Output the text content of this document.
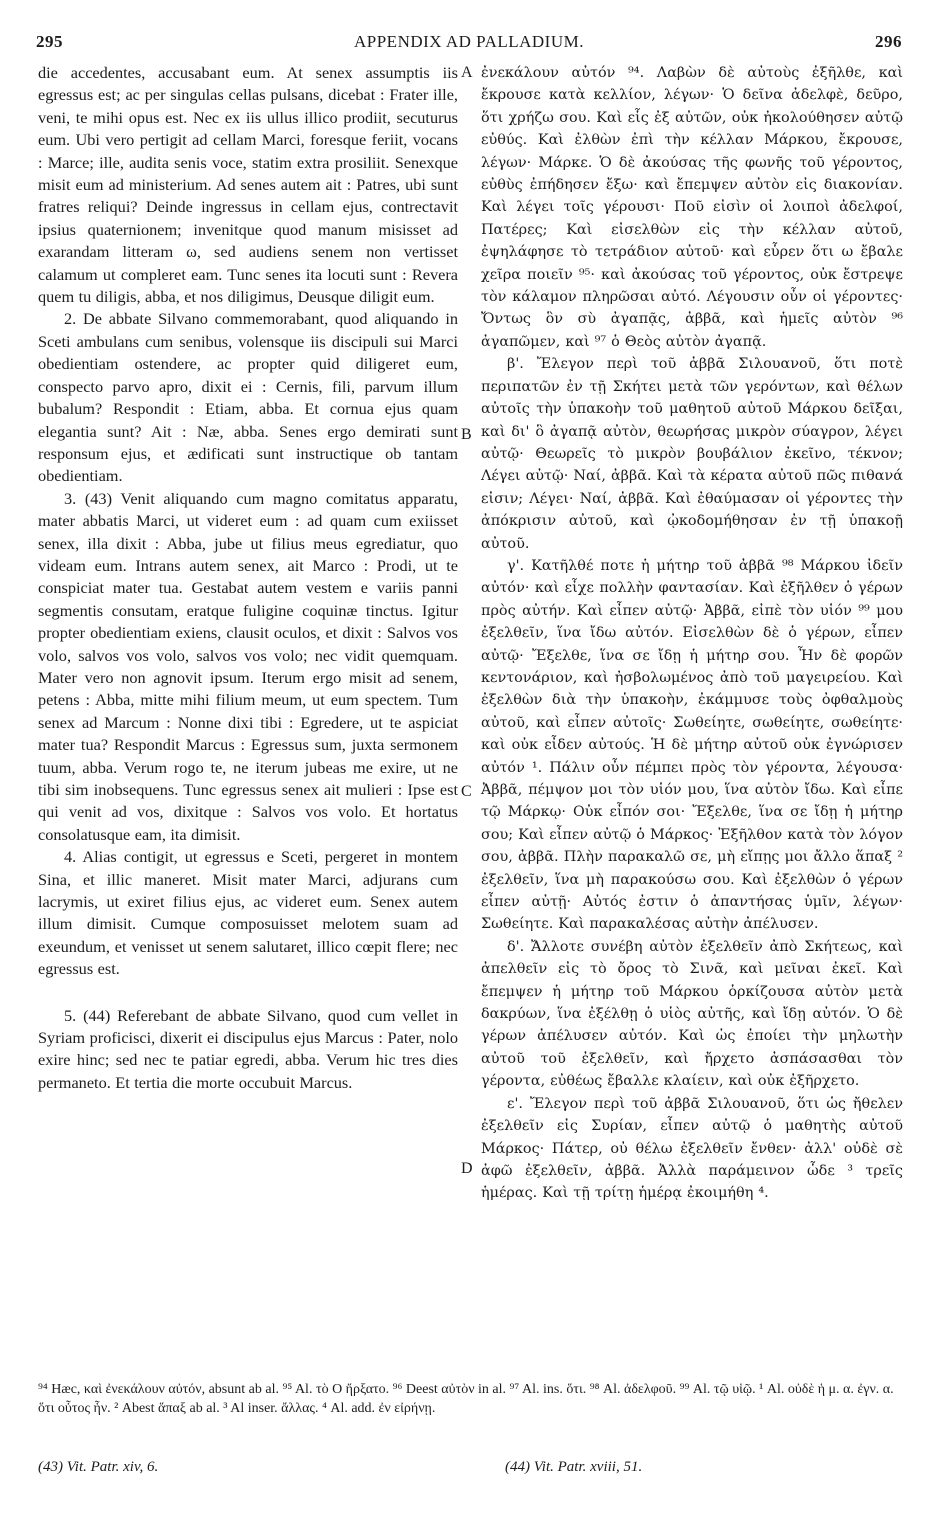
295	APPENDIX AD PALLADIUM.	296

die accedentes, accusabant eum. At senex assumptis iis egressus est; ac per singulas cellas pulsans, dicebat : Frater ille, veni, te mihi opus est. Nec ex iis ullus illico prodiit, secuturus eum. Ubi vero pertigit ad cellam Marci, foresque feriit, vocans : Marce; ille, audita senis voce, statim extra prosiliit. Senexque misit eum ad ministerium. Ad senes autem ait : Patres, ubi sunt fratres reliqui? Deinde ingressus in cellam ejus, contrectavit ipsius quaternionem; invenitque quod manum misisset ad exarandam litteram ω, sed audiens senem non vertisset calamum ut compleret eam. Tunc senes ita locuti sunt : Revera quem tu diligis, abba, et nos diligimus, Deusque diligit eum.

2. De abbate Silvano commemorabant, quod aliquando in Sceti ambulans cum senibus, volensque iis discipuli sui Marci obedientiam ostendere, ac propter quid diligeret eum, conspecto parvo apro, dixit ei : Cernis, fili, parvum illum bubalum? Respondit : Etiam, abba. Et cornua ejus quam elegantia sunt? Ait : Næ, abba. Senes ergo demirati sunt responsum ejus, et ædificati sunt instructique ob tantam obedientiam.

3. (43) Venit aliquando cum magno comitatus apparatu, mater abbatis Marci, ut videret eum : ad quam cum exiisset senex, illa dixit : Abba, jube ut filius meus egrediatur, quo videam eum. Intrans autem senex, ait Marco : Prodi, ut te conspiciat mater tua. Gestabat autem vestem e variis panni segmentis consutam, eratque fuligine coquinæ tinctus. Igitur propter obedientiam exiens, clausit oculos, et dixit : Salvos vos volo, salvos vos volo, salvos vos volo; nec vidit quemquam. Mater vero non agnovit ipsum. Iterum ergo misit ad senem, petens : Abba, mitte mihi filium meum, ut eum spectem. Tum senex ad Marcum : Nonne dixi tibi : Egredere, ut te aspiciat mater tua? Respondit Marcus : Egressus sum, juxta sermonem tuum, abba. Verum rogo te, ne iterum jubeas me exire, ut ne tibi sim inobsequens. Tunc egressus senex ait mulieri : Ipse est qui venit ad vos, dixitque : Salvos vos volo. Et hortatus consolatusque eam, ita dimisit.

4. Alias contigit, ut egressus e Sceti, pergeret in montem Sina, et illic maneret. Misit mater Marci, adjurans cum lacrymis, ut exiret filius ejus, ac videret eum. Senex autem illum dimisit. Cumque composuisset melotem suam ad exeundum, et venisset ut senem salutaret, illico cœpit flere; nec egressus est.

5. (44) Referebant de abbate Silvano, quod cum vellet in Syriam proficisci, dixerit ei discipulus ejus Marcus : Pater, nolo exire hinc; sed nec te patiar egredi, abba. Verum hic tres dies permaneto. Et tertia die morte occubuit Marcus.

A
B
C
D

ἐνεκάλουν αὐτόν ⁹⁴. Λαβὼν δὲ αὐτοὺς ἐξῆλθε, καὶ ἔκρουσε κατὰ κελλίον, λέγων· Ὁ δεῖνα ἀδελφὲ, δεῦρο, ὅτι χρήζω σου. Καὶ εἷς ἐξ αὐτῶν, οὐκ ἠκολούθησεν αὐτῷ εὐθύς. Καὶ ἐλθὼν ἐπὶ τὴν κέλλαν Μάρκου, ἔκρουσε, λέγων· Μάρκε. Ὁ δὲ ἀκούσας τῆς φωνῆς τοῦ γέροντος, εὐθὺς ἐπήδησεν ἔξω· καὶ ἔπεμψεν αὐτὸν εἰς διακονίαν. Καὶ λέγει τοῖς γέρουσι· Ποῦ εἰσὶν οἱ λοιποὶ ἀδελφοί, Πατέρες; Καὶ εἰσελθὼν εἰς τὴν κέλλαν αὐτοῦ, ἐψηλάφησε τὸ τετράδιον αὐτοῦ· καὶ εὗρεν ὅτι ω ἔβαλε χεῖρα ποιεῖν ⁹⁵· καὶ ἀκούσας τοῦ γέροντος, οὐκ ἔστρεψε τὸν κάλαμον πληρῶσαι αὐτό. Λέγουσιν οὖν οἱ γέροντες· Ὄντως ὃν σὺ ἀγαπᾷς, ἀββᾶ, καὶ ἡμεῖς αὐτὸν ⁹⁶ ἀγαπῶμεν, καὶ ⁹⁷ ὁ Θεὸς αὐτὸν ἀγαπᾷ.

β'. Ἔλεγον περὶ τοῦ ἀββᾶ Σιλουανοῦ, ὅτι ποτὲ περιπατῶν ἐν τῇ Σκήτει μετὰ τῶν γερόντων, καὶ θέλων αὐτοῖς τὴν ὑπακοὴν τοῦ μαθητοῦ αὐτοῦ Μάρκου δεῖξαι, καὶ δι' ὃ ἀγαπᾷ αὐτὸν, θεωρήσας μικρὸν σύαγρον, λέγει αὐτῷ· Θεωρεῖς τὸ μικρὸν βουβάλιον ἐκεῖνο, τέκνον; Λέγει αὐτῷ· Ναί, ἀββᾶ. Καὶ τὰ κέρατα αὐτοῦ πῶς πιθανά εἰσιν; Λέγει· Ναί, ἀββᾶ. Καὶ ἐθαύμασαν οἱ γέροντες τὴν ἀπόκρισιν αὐτοῦ, καὶ ᾠκοδομήθησαν ἐν τῇ ὑπακοῇ αὐτοῦ.

γ'. Κατῆλθέ ποτε ἡ μήτηρ τοῦ ἀββᾶ ⁹⁸ Μάρκου ἰδεῖν αὐτόν· καὶ εἶχε πολλὴν φαντασίαν. Καὶ ἐξῆλθεν ὁ γέρων πρὸς αὐτήν. Καὶ εἶπεν αὐτῷ· Ἀββᾶ, εἰπὲ τὸν υἱόν ⁹⁹ μου ἐξελθεῖν, ἵνα ἴδω αὐτόν. Εἰσελθὼν δὲ ὁ γέρων, εἶπεν αὐτῷ· Ἔξελθε, ἵνα σε ἴδῃ ἡ μήτηρ σου. Ἦν δὲ φορῶν κεντονάριον, καὶ ἠσβολωμένος ἀπὸ τοῦ μαγειρείου. Καὶ ἐξελθὼν διὰ τὴν ὑπακοὴν, ἐκάμμυσε τοὺς ὀφθαλμοὺς αὐτοῦ, καὶ εἶπεν αὐτοῖς· Σωθείητε, σωθείητε, σωθείητε· καὶ οὐκ εἶδεν αὐτούς. Ἡ δὲ μήτηρ αὐτοῦ οὐκ ἐγνώρισεν αὐτόν ¹. Πάλιν οὖν πέμπει πρὸς τὸν γέροντα, λέγουσα· Ἀββᾶ, πέμψον μοι τὸν υἱόν μου, ἵνα αὐτὸν ἴδω. Καὶ εἶπε τῷ Μάρκῳ· Οὐκ εἶπόν σοι· Ἔξελθε, ἵνα σε ἴδῃ ἡ μήτηρ σου; Καὶ εἶπεν αὐτῷ ὁ Μάρκος· Ἐξῆλθον κατὰ τὸν λόγον σου, ἀββᾶ. Πλὴν παρακαλῶ σε, μὴ εἴπῃς μοι ἄλλο ἅπαξ ² ἐξελθεῖν, ἵνα μὴ παρακούσω σου. Καὶ ἐξελθὼν ὁ γέρων εἶπεν αὐτῇ· Αὐτός ἐστιν ὁ ἀπαντήσας ὑμῖν, λέγων· Σωθείητε. Καὶ παρακαλέσας αὐτὴν ἀπέλυσεν.

δ'. Ἄλλοτε συνέβη αὐτὸν ἐξελθεῖν ἀπὸ Σκήτεως, καὶ ἀπελθεῖν εἰς τὸ ὄρος τὸ Σινᾶ, καὶ μεῖναι ἐκεῖ. Καὶ ἔπεμψεν ἡ μήτηρ τοῦ Μάρκου ὁρκίζουσα αὐτὸν μετὰ δακρύων, ἵνα ἐξέλθῃ ὁ υἱὸς αὐτῆς, καὶ ἴδῃ αὐτόν. Ὁ δὲ γέρων ἀπέλυσεν αὐτόν. Καὶ ὡς ἐποίει τὴν μηλωτὴν αὐτοῦ τοῦ ἐξελθεῖν, καὶ ἤρχετο ἀσπάσασθαι τὸν γέροντα, εὐθέως ἔβαλλε κλαίειν, καὶ οὐκ ἐξῆρχετο.

ε'. Ἔλεγον περὶ τοῦ ἀββᾶ Σιλουανοῦ, ὅτι ὡς ἤθελεν ἐξελθεῖν εἰς Συρίαν, εἶπεν αὐτῷ ὁ μαθητὴς αὐτοῦ Μάρκος· Πάτερ, οὐ θέλω ἐξελθεῖν ἔνθεν· ἀλλ' οὐδὲ σὲ ἀφῶ ἐξελθεῖν, ἀββᾶ. Ἀλλὰ παράμεινον ὧδε ³ τρεῖς ἡμέρας. Καὶ τῇ τρίτῃ ἡμέρᾳ ἐκοιμήθη ⁴.

⁹⁴ Hæc, καὶ ἐνεκάλουν αὐτόν, absunt ab al. ⁹⁵ Al. τὸ Ο ἤρξατο. ⁹⁶ Deest αὐτὸν in al. ⁹⁷ Al. ins. ὅτι. ⁹⁸ Al. ἀδελφοῦ. ⁹⁹ Al. τῷ υἱῷ. ¹ Al. οὐδὲ ἡ μ. α. ἐγν. α. ὅτι οὗτος ἦν. ² Abest ἅπαξ ab al. ³ Al inser. ἄλλας. ⁴ Al. add. ἐν εἰρήνῃ.
(43) Vit. Patr. xiv, 6.	(44) Vit. Patr. xviii, 51.
